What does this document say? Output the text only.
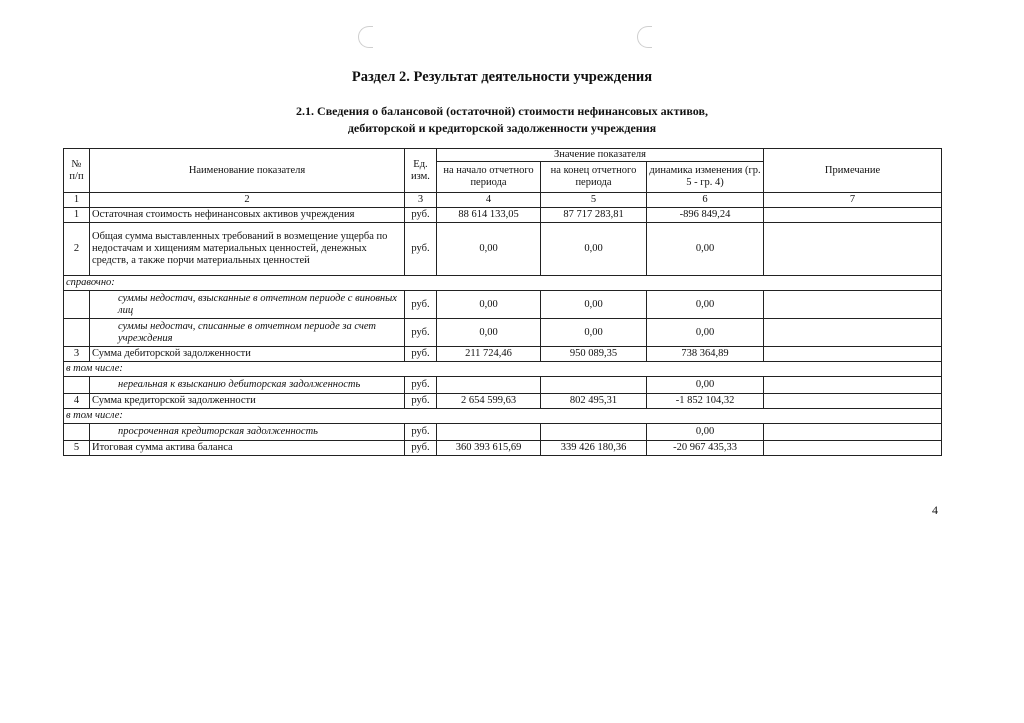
Раздел 2. Результат деятельности учреждения
2.1. Сведения о балансовой (остаточной) стоимости нефинансовых активов,
дебиторской и кредиторской задолженности учреждения
№ п/п	Наименование показателя	Ед. изм.	Значение показателя			Примечание
			на начало отчетного периода	на конец отчетного периода	динамика изменения (гр. 5 - гр. 4)	
1	2	3	4	5	6	7
1	Остаточная стоимость нефинансовых активов учреждения	руб.	88 614 133,05	87 717 283,81	-896 849,24	
2	Общая сумма выставленных требований в возмещение ущерба по недостачам и хищениям материальных ценностей, денежных средств, а также порчи материальных ценностей	руб.	0,00	0,00	0,00	
справочно:						
	суммы недостач, взысканные в отчетном периоде с виновных лиц	руб.	0,00	0,00	0,00	
	суммы недостач, списанные в отчетном периоде за счет учреждения	руб.	0,00	0,00	0,00	
3	Сумма дебиторской задолженности	руб.	211 724,46	950 089,35	738 364,89	
в том числе:						
	нереальная к взысканию дебиторская задолженность	руб.			0,00	
4	Сумма кредиторской задолженности	руб.	2 654 599,63	802 495,31	-1 852 104,32	
в том числе:						
	просроченная кредиторская задолженность	руб.			0,00	
5	Итоговая сумма актива баланса	руб.	360 393 615,69	339 426 180,36	-20 967 435,33	
4
